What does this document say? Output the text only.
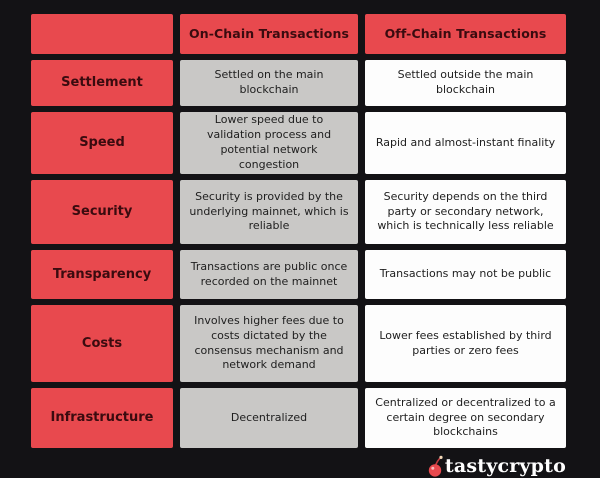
On-Chain Transactions	Off-Chain Transactions
Settlement
Settled on the main blockchain
Settled outside the main blockchain
Speed
Lower speed due to validation process and potential network congestion
Rapid and almost-instant finality
Security
Security is provided by the underlying mainnet, which is reliable
Security depends on the third party or secondary network, which is technically less reliable
Transparency
Transactions are public once recorded on the mainnet
Transactions may not be public
Costs
Involves higher fees due to costs dictated by the consensus mechanism and network demand
Lower fees established by third parties or zero fees
Infrastructure	Decentralized
Centralized or decentralized to a certain degree on secondary blockchains
tastycrypto
